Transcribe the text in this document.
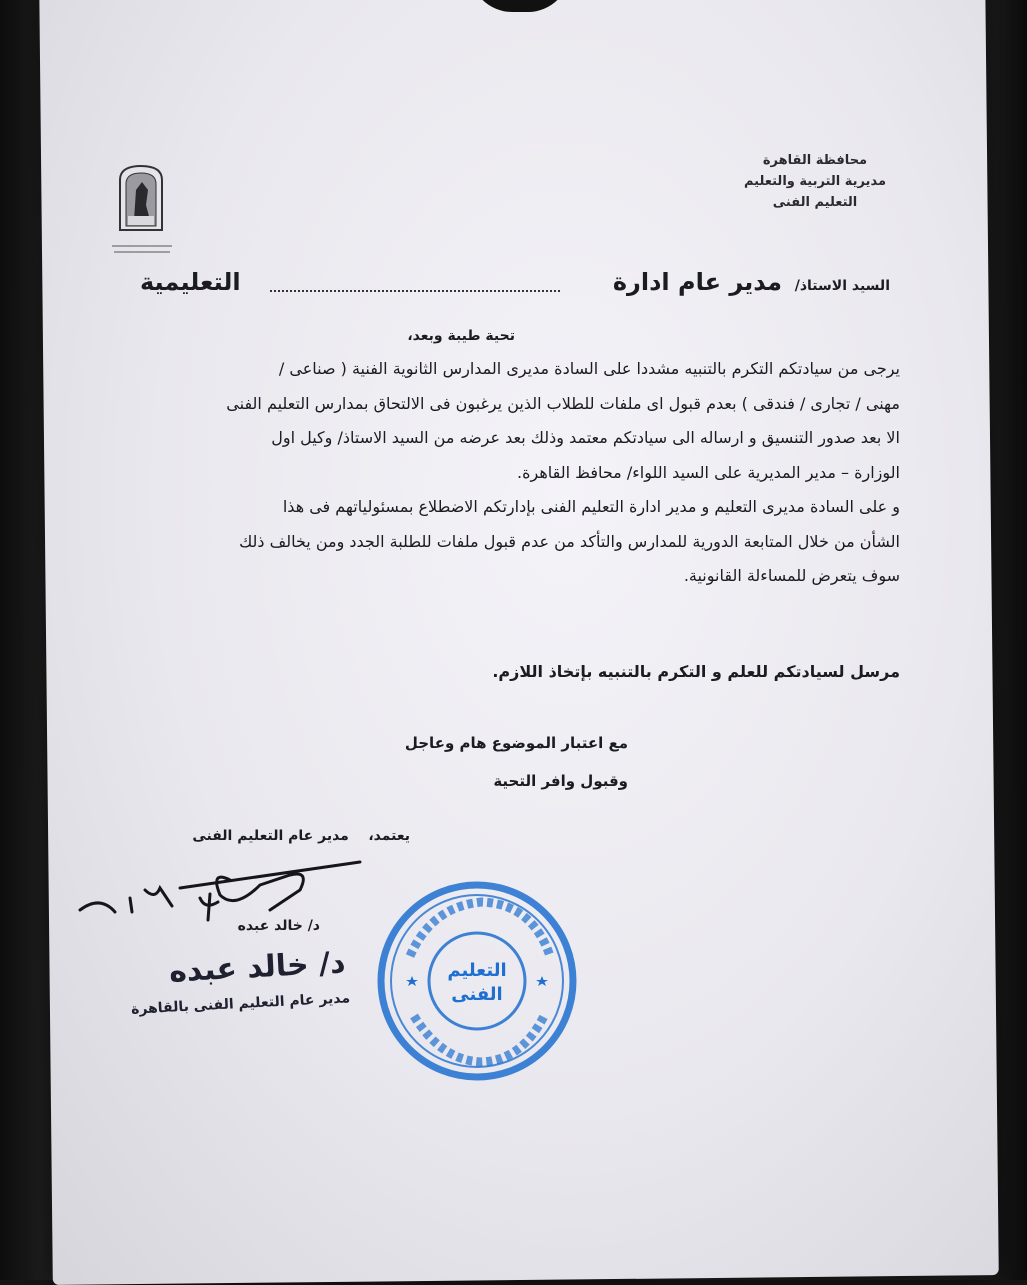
محافظة القاهرة
مديرية التربية والتعليم
التعليم الفنى
السيد الاستاذ/
مدير عام ادارة
التعليمية
تحية طيبة وبعد،

يرجى من سيادتكم التكرم بالتنبيه مشددا على السادة مديرى المدارس الثانوية الفنية ( صناعى /

مهنى / تجارى / فندقى ) بعدم قبول اى ملفات للطلاب الذين يرغبون فى الالتحاق بمدارس التعليم الفنى

الا بعد صدور التنسيق و ارساله الى سيادتكم معتمد وذلك بعد عرضه من السيد الاستاذ/ وكيل اول

الوزارة – مدير المديرية على السيد اللواء/ محافظ القاهرة.

و على السادة مديرى التعليم و مدير ادارة التعليم الفنى بإدارتكم الاضطلاع بمسئولياتهم فى هذا

الشأن من خلال المتابعة الدورية للمدارس والتأكد من عدم قبول ملفات للطلبة الجدد ومن يخالف ذلك

سوف يتعرض للمساءلة القانونية.

مرسل لسيادتكم للعلم و التكرم بالتنبيه بإتخاذ اللازم.
مع اعتبار الموضوع هام وعاجل
وقبول وافر التحية
يعتمد،    مدير عام التعليم الفنى
د/ خالد عبده
د/ خالد عبده
مدير عام التعليم الفنى بالقاهرة
التعليم
الفنى
